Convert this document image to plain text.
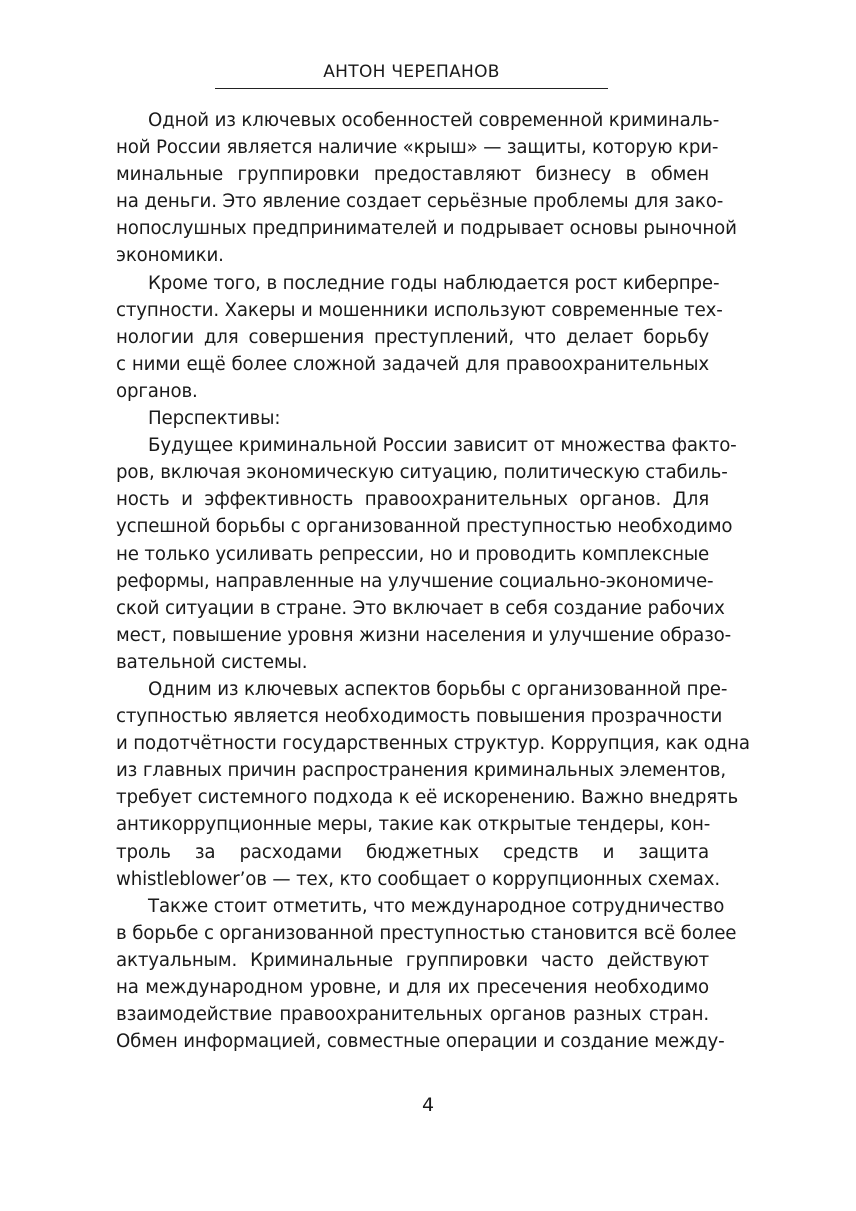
АНТОН ЧЕРЕПАНОВ
Одной из ключевых особенностей современной криминаль-
ной России является наличие «крыш» — защиты, которую кри-
минальные группировки предоставляют бизнесу в обмен
на деньги. Это явление создает серьёзные проблемы для зако-
нопослушных предпринимателей и подрывает основы рыночной
экономики.
Кроме того, в последние годы наблюдается рост киберпре-
ступности. Хакеры и мошенники используют современные тех-
нологии для совершения преступлений, что делает борьбу
с ними ещё более сложной задачей для правоохранительных
органов.
Перспективы:
Будущее криминальной России зависит от множества факто-
ров, включая экономическую ситуацию, политическую стабиль-
ность и эффективность правоохранительных органов. Для
успешной борьбы с организованной преступностью необходимо
не только усиливать репрессии, но и проводить комплексные
реформы, направленные на улучшение социально-экономиче-
ской ситуации в стране. Это включает в себя создание рабочих
мест, повышение уровня жизни населения и улучшение образо-
вательной системы.
Одним из ключевых аспектов борьбы с организованной пре-
ступностью является необходимость повышения прозрачности
и подотчётности государственных структур. Коррупция, как одна
из главных причин распространения криминальных элементов,
требует системного подхода к её искоренению. Важно внедрять
антикоррупционные меры, такие как открытые тендеры, кон-
троль за расходами бюджетных средств и защита
whistleblower’ов — тех, кто сообщает о коррупционных схемах.
Также стоит отметить, что международное сотрудничество
в борьбе с организованной преступностью становится всё более
актуальным. Криминальные группировки часто действуют
на международном уровне, и для их пресечения необходимо
взаимодействие правоохранительных органов разных стран.
Обмен информацией, совместные операции и создание между-
4
